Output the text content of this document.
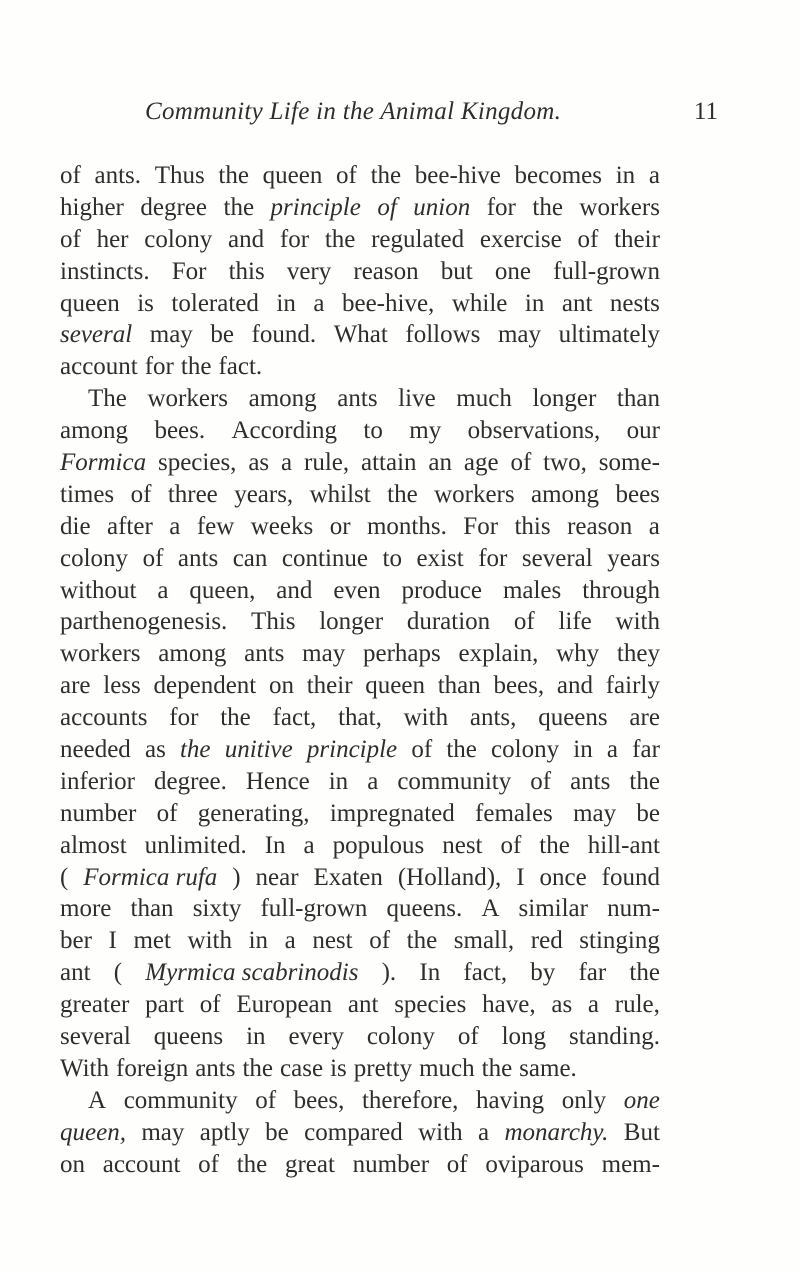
Community Life in the Animal Kingdom.	11
of ants. Thus the queen of the bee-hive becomes in a
higher degree the principle of union for the workers
of her colony and for the regulated exercise of their
instincts. For this very reason but one full-grown
queen is tolerated in a bee-hive, while in ant nests
several may be found. What follows may ultimately
account for the fact.
The workers among ants live much longer than
among bees. According to my observations, our
Formica species, as a rule, attain an age of two, some-
times of three years, whilst the workers among bees
die after a few weeks or months. For this reason a
colony of ants can continue to exist for several years
without a queen, and even produce males through
parthenogenesis. This longer duration of life with
workers among ants may perhaps explain, why they
are less dependent on their queen than bees, and fairly
accounts for the fact, that, with ants, queens are
needed as the unitive principle of the colony in a far
inferior degree. Hence in a community of ants the
number of generating, impregnated females may be
almost unlimited. In a populous nest of the hill-ant
( Formica rufa ) near Exaten (Holland), I once found
more than sixty full-grown queens. A similar num-
ber I met with in a nest of the small, red stinging
ant ( Myrmica scabrinodis ). In fact, by far the
greater part of European ant species have, as a rule,
several queens in every colony of long standing.
With foreign ants the case is pretty much the same.
A community of bees, therefore, having only one
queen, may aptly be compared with a monarchy. But
on account of the great number of oviparous mem-
